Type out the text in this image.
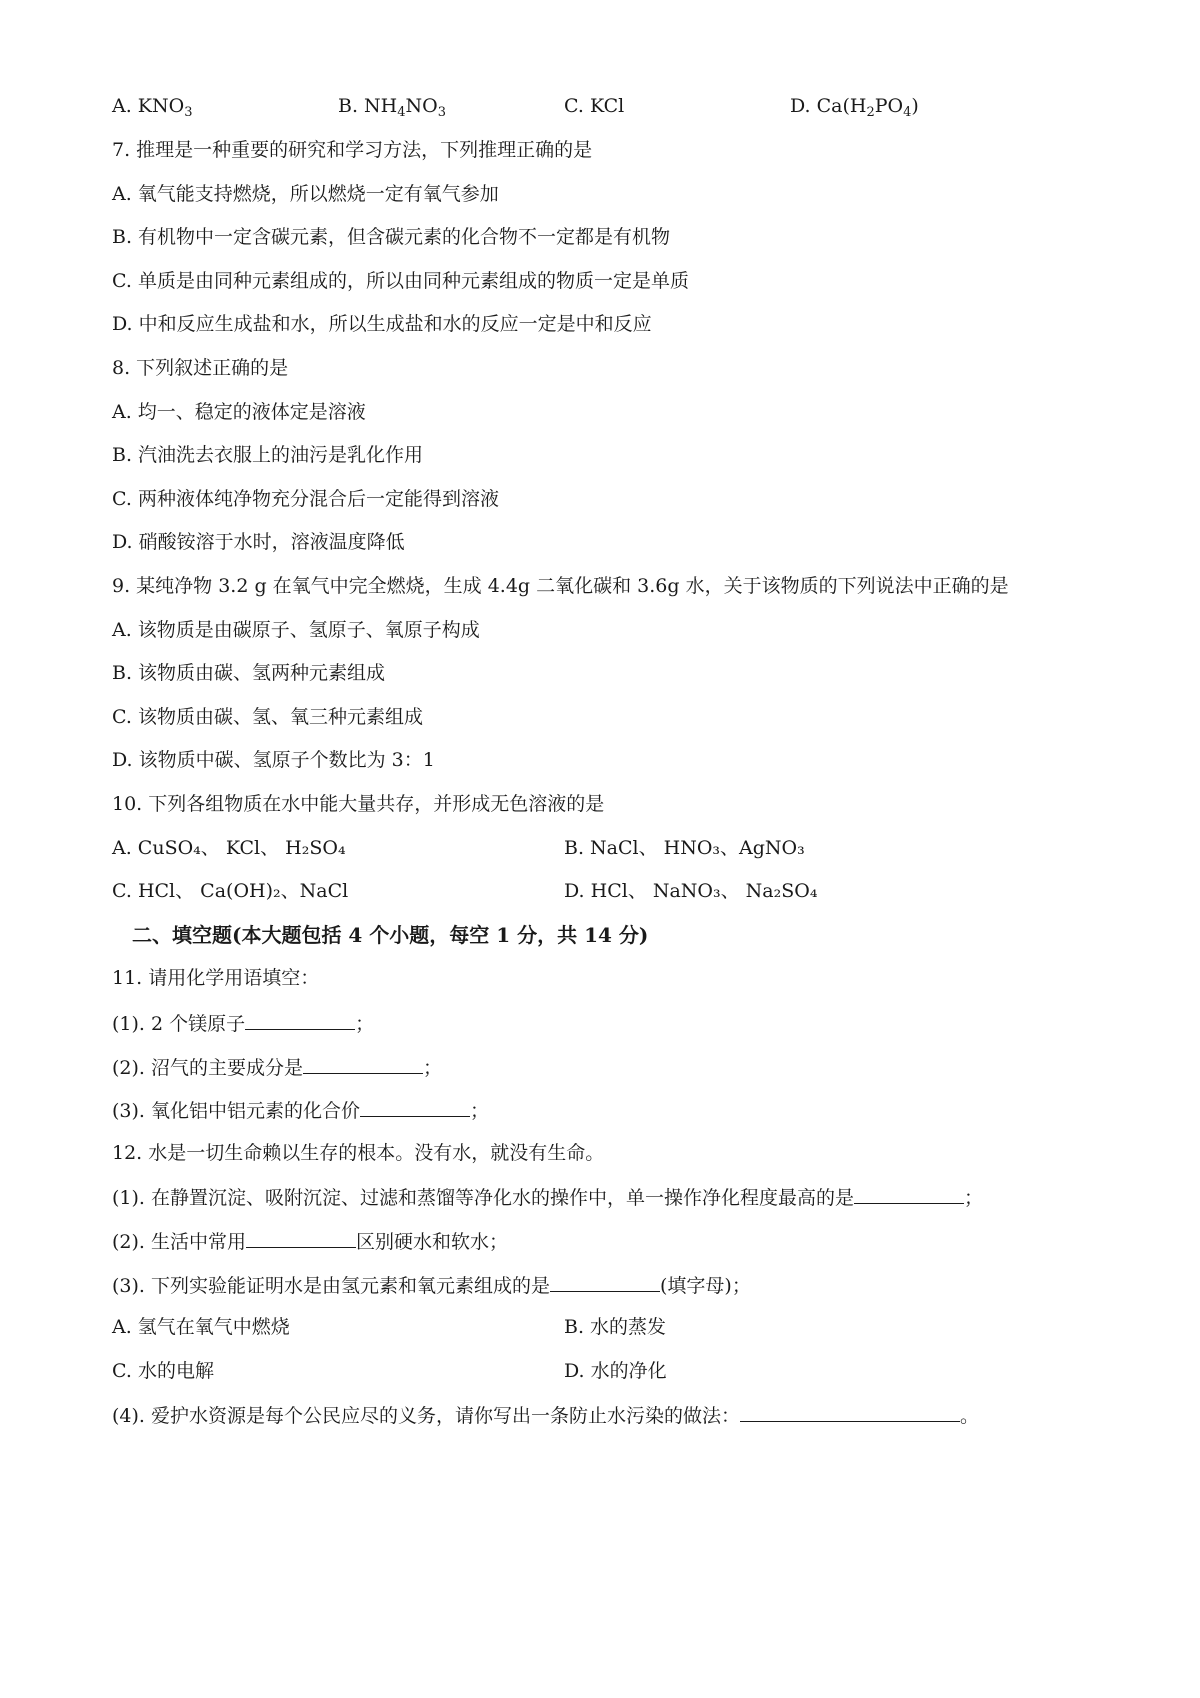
A. $KNO_3$	B. $NH_4NO_3$	C. KCl	D. $Ca(H_2PO_4)$
7. 推理是一种重要的研究和学习方法，下列推理正确的是
A. 氧气能支持燃烧，所以燃烧一定有氧气参加
B. 有机物中一定含碳元素，但含碳元素的化合物不一定都是有机物
C. 单质是由同种元素组成的，所以由同种元素组成的物质一定是单质
D. 中和反应生成盐和水，所以生成盐和水的反应一定是中和反应
8. 下列叙述正确的是
A. 均一、稳定的液体定是溶液
B. 汽油洗去衣服上的油污是乳化作用
C. 两种液体纯净物充分混合后一定能得到溶液
D. 硝酸铵溶于水时，溶液温度降低
9. 某纯净物 3.2 g 在氧气中完全燃烧，生成 4.4g 二氧化碳和 3.6g 水，关于该物质的下列说法中正确的是
A. 该物质是由碳原子、氢原子、氧原子构成
B. 该物质由碳、氢两种元素组成
C. 该物质由碳、氢、氧三种元素组成
D. 该物质中碳、氢原子个数比为 3：1
10. 下列各组物质在水中能大量共存，并形成无色溶液的是
A. CuSO₄、 KCl、 H₂SO₄	B. NaCl、 HNO₃、AgNO₃
C. HCl、 Ca(OH)₂、NaCl	D. HCl、 NaNO₃、 Na₂SO₄
二、填空题(本大题包括 4 个小题，每空 1 分，共 14 分)
11. 请用化学用语填空：
(1). 2 个镁原子	；
(2). 沼气的主要成分是	；
(3). 氧化铝中铝元素的化合价	；
12. 水是一切生命赖以生存的根本。没有水，就没有生命。
(1). 在静置沉淀、吸附沉淀、过滤和蒸馏等净化水的操作中，单一操作净化程度最高的是	；
(2). 生活中常用	区别硬水和软水；
(3). 下列实验能证明水是由氢元素和氧元素组成的是	(填字母)；
A. 氢气在氧气中燃烧	B. 水的蒸发
C. 水的电解	D. 水的净化
(4). 爱护水资源是每个公民应尽的义务，请你写出一条防止水污染的做法：	。
